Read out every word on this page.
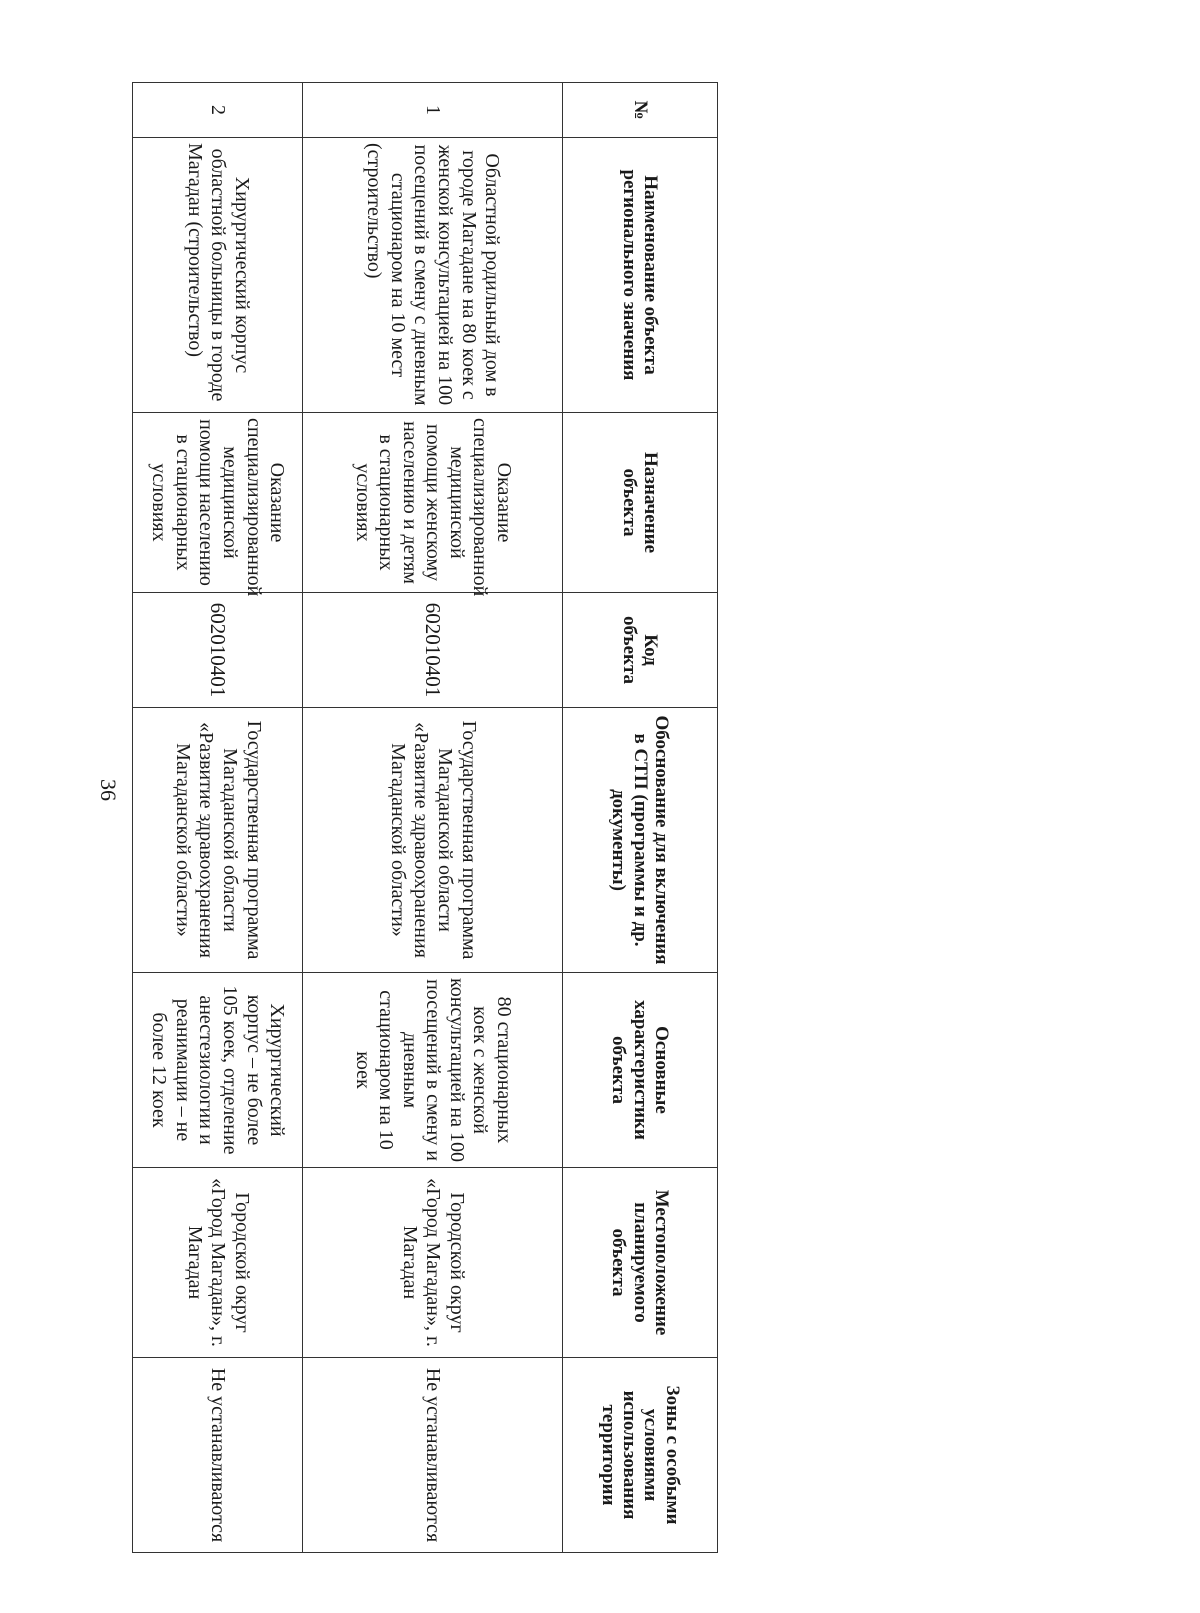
36
№	Наименование объекта регионального значения	Назначение объекта	Код объекта	Обоснование для включения в СТП (программы и др. документы)	Основные характеристики объекта	Местоположение планируемого объекта	Зоны с особыми условиями использования территории
1	Областной родильный дом в городе Магадане на 80 коек с женской консультацией на 100 посещений в смену с дневным стационаром на 10 мест (строительство)	Оказание специализированной медицинской помощи женскому населению и детям в стационарных условиях	602010401	Государственная программа Магаданской области «Развитие здравоохранения Магаданской области»	80 стационарных коек с женской консультацией на 100 посещений в смену и дневным стационаром на 10 коек	Городской округ «Город Магадан», г. Магадан	Не устанавливаются
2	Хирургический корпус областной больницы в городе Магадан (строительство)	Оказание специализированной медицинской помощи населению в стационарных условиях	602010401	Государственная программа Магаданской области «Развитие здравоохранения Магаданской области»	Хирургический корпус – не более 105 коек, отделение анестезиологии и реанимации – не более 12 коек	Городской округ «Город Магадан», г. Магадан	Не устанавливаются
